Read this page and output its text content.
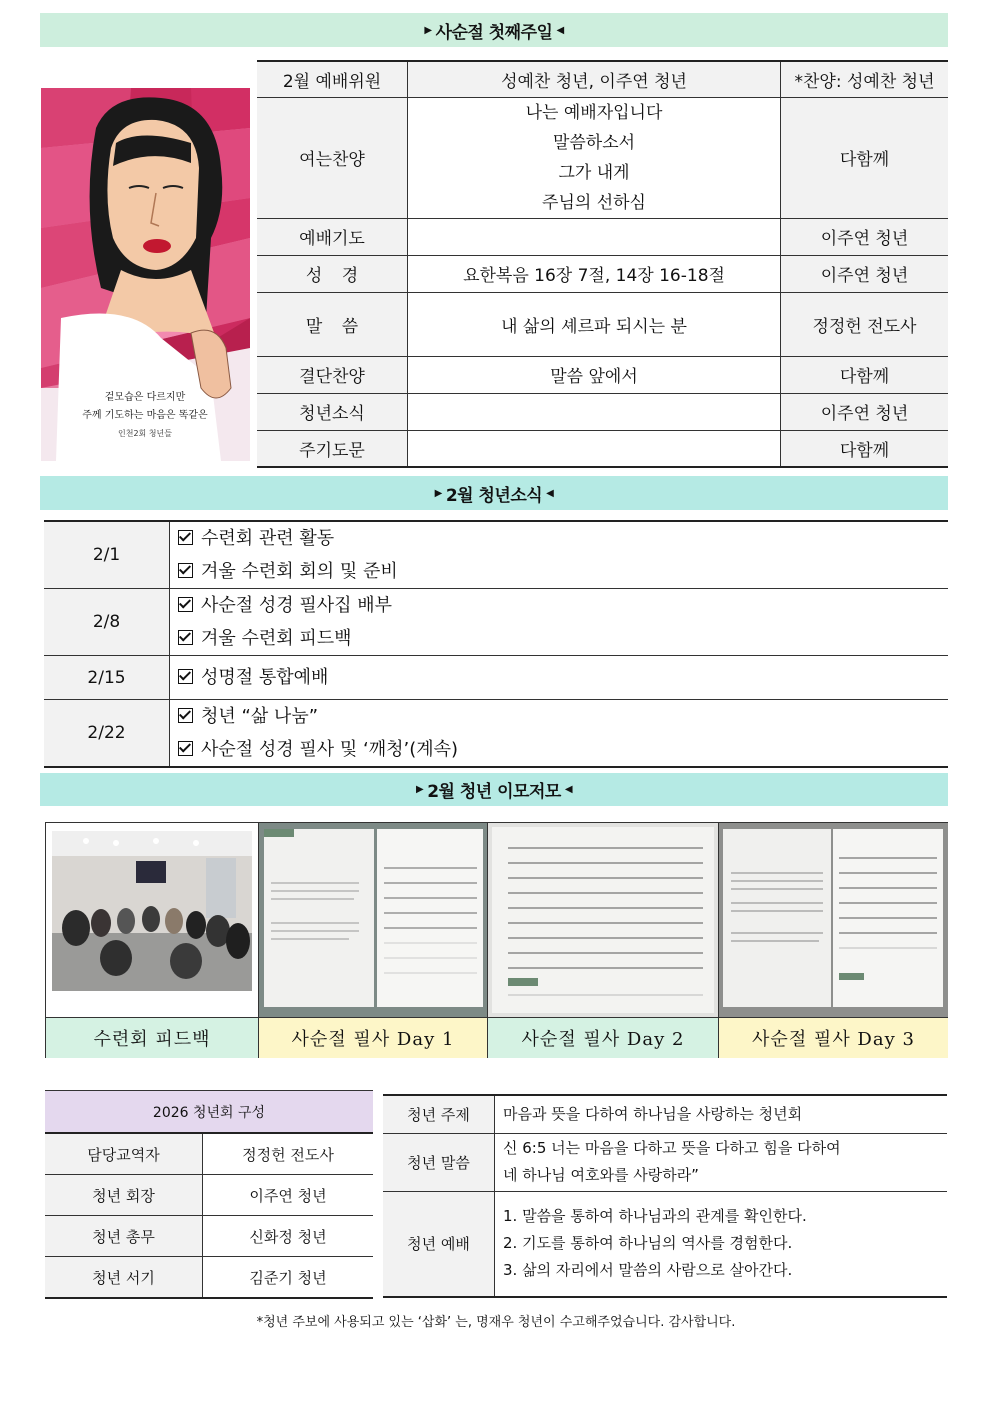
▶ 사순절 첫째주일 ◀
겉모습은 다르지만
주께 기도하는 마음은 똑같은
인천2회 청년들
2월 예배위원	성예찬 청년, 이주연 청년	*찬양: 성예찬 청년
여는찬양	나는 예배자입니다
말씀하소서
그가 내게
주님의 선하심	다함께
예배기도		이주연 청년
성 경	요한복음 16장 7절, 14장 16-18절	이주연 청년
말 씀	내 삶의 셰르파 되시는 분	정정헌 전도사
결단찬양	말씀 앞에서	다함께
청년소식		이주연 청년
주기도문		다함께
▶ 2월 청년소식 ◀
2/1	수련회 관련 활동
겨울 수련회 회의 및 준비

2/8	사순절 성경 필사집 배부
겨울 수련회 피드백

2/15	성명절 통합예배

2/22	청년 “삶 나눔”
사순절 성경 필사 및 ‘깨청’(계속)
▶ 2월 청년 이모저모 ◀
수련회 피드백	사순절 필사 Day 1	사순절 필사 Day 2	사순절 필사 Day 3
2026 청년회 구성	
담당교역자	정정헌 전도사
청년 회장	이주연 청년
청년 총무	신화정 청년
청년 서기	김준기 청년
청년 주제	마음과 뜻을 다하여 하나님을 사랑하는 청년회

청년 말씀	신 6:5 너는 마음을 다하고 뜻을 다하고 힘을 다하여
네 하나님 여호와를 사랑하라”

청년 예배	1. 말씀을 통하여 하나님과의 관계를 확인한다.
2. 기도를 통하여 하나님의 역사를 경험한다.
3. 삶의 자리에서 말씀의 사람으로 살아간다.
*청년 주보에 사용되고 있는 ‘삽화’ 는, 명재우 청년이 수고해주었습니다. 감사합니다.
